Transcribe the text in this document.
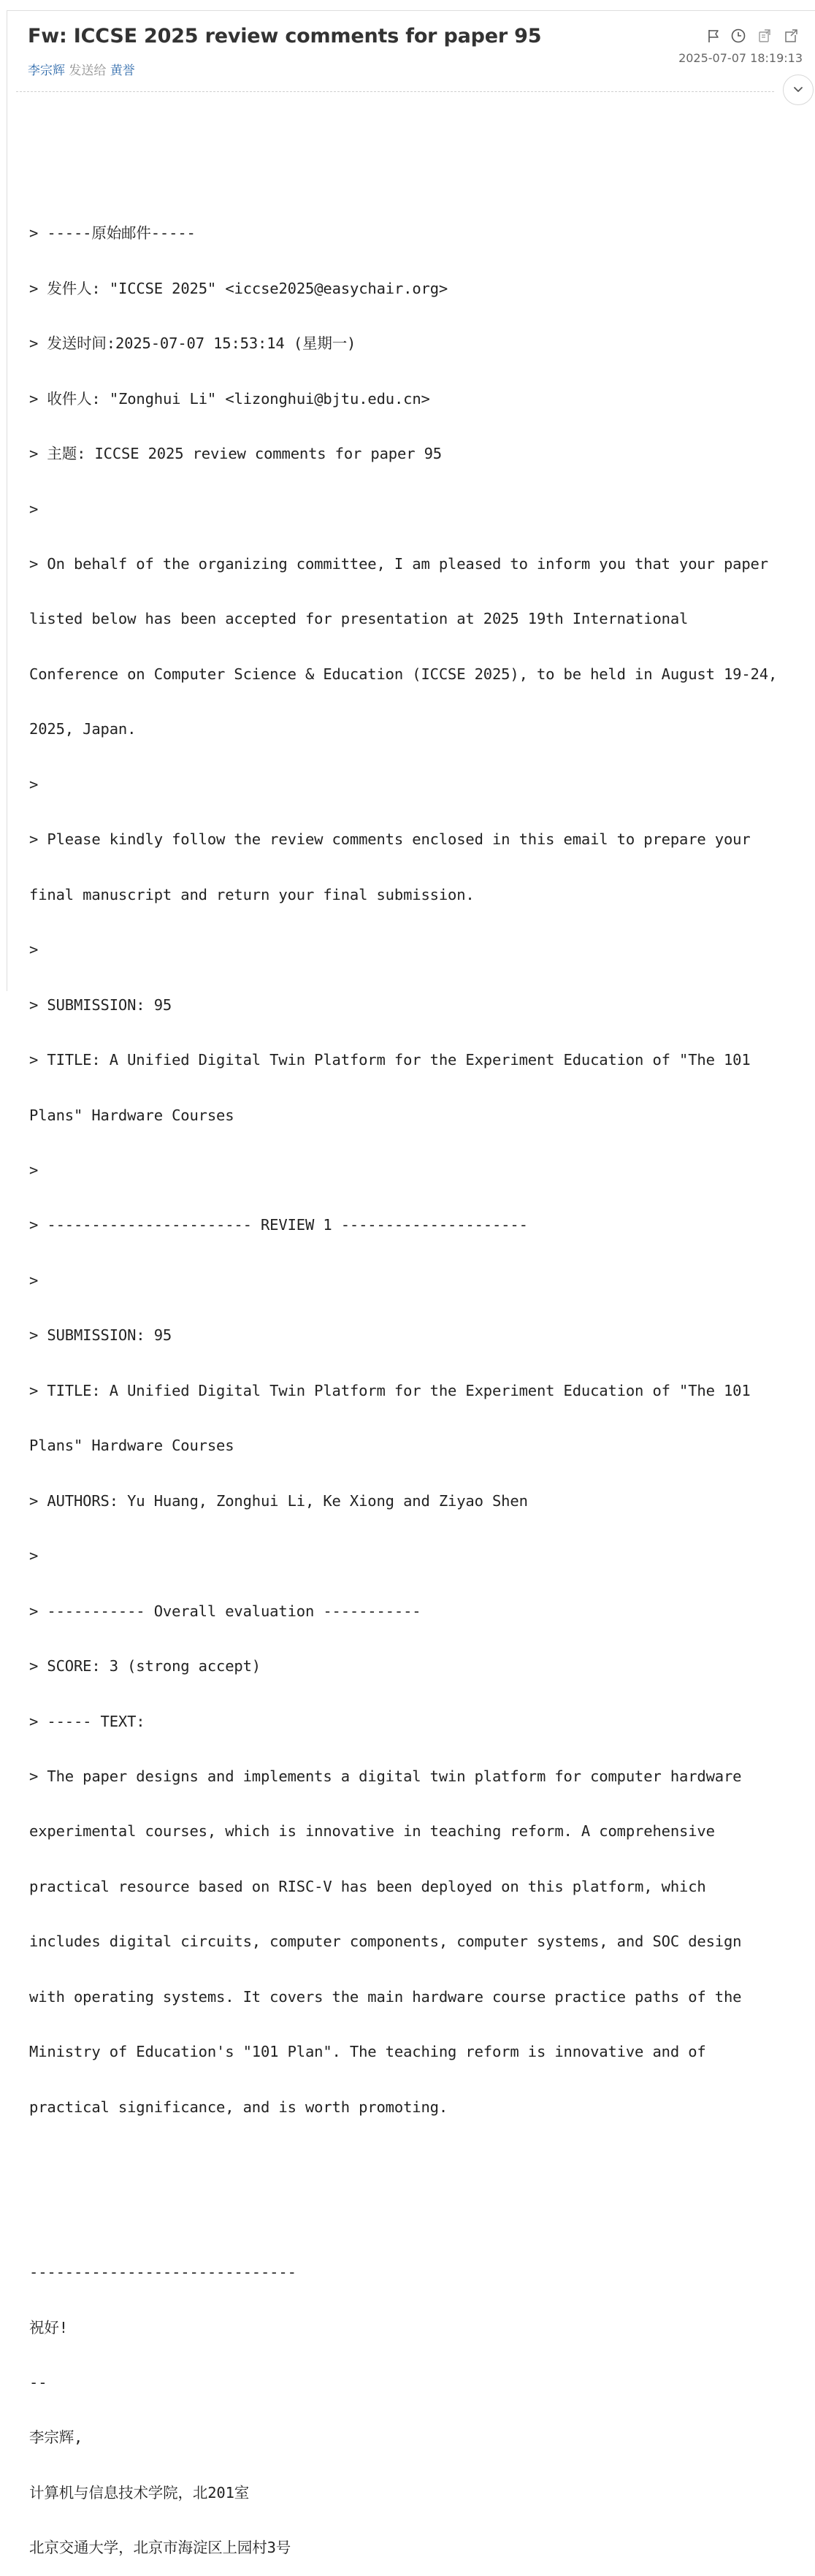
Fw: ICCSE 2025 review comments for paper 95
李宗辉 发送给 黄誉
2025-07-07 18:19:13

> -----原始邮件-----

> 发件人: "ICCSE 2025" <iccse2025@easychair.org>

> 发送时间:2025-07-07 15:53:14 (星期一)

> 收件人: "Zonghui Li" <lizonghui@bjtu.edu.cn>

> 主题: ICCSE 2025 review comments for paper 95

>

> On behalf of the organizing committee, I am pleased to inform you that your paper

listed below has been accepted for presentation at 2025 19th International

Conference on Computer Science & Education (ICCSE 2025), to be held in August 19-24,

2025, Japan.

>

> Please kindly follow the review comments enclosed in this email to prepare your

final manuscript and return your final submission.

>

> SUBMISSION: 95

> TITLE: A Unified Digital Twin Platform for the Experiment Education of "The 101

Plans" Hardware Courses

>

> ----------------------- REVIEW 1 ---------------------

>

> SUBMISSION: 95

> TITLE: A Unified Digital Twin Platform for the Experiment Education of "The 101

Plans" Hardware Courses

> AUTHORS: Yu Huang, Zonghui Li, Ke Xiong and Ziyao Shen

>

> ----------- Overall evaluation -----------

> SCORE: 3 (strong accept)

> ----- TEXT:

> The paper designs and implements a digital twin platform for computer hardware

experimental courses, which is innovative in teaching reform. A comprehensive

practical resource based on RISC-V has been deployed on this platform, which

includes digital circuits, computer components, computer systems, and SOC design

with operating systems. It covers the main hardware course practice paths of the

Ministry of Education's "101 Plan". The teaching reform is innovative and of

practical significance, and is worth promoting.

------------------------------

祝好!

--

李宗辉,

计算机与信息技术学院，北201室

北京交通大学，北京市海淀区上园村3号
